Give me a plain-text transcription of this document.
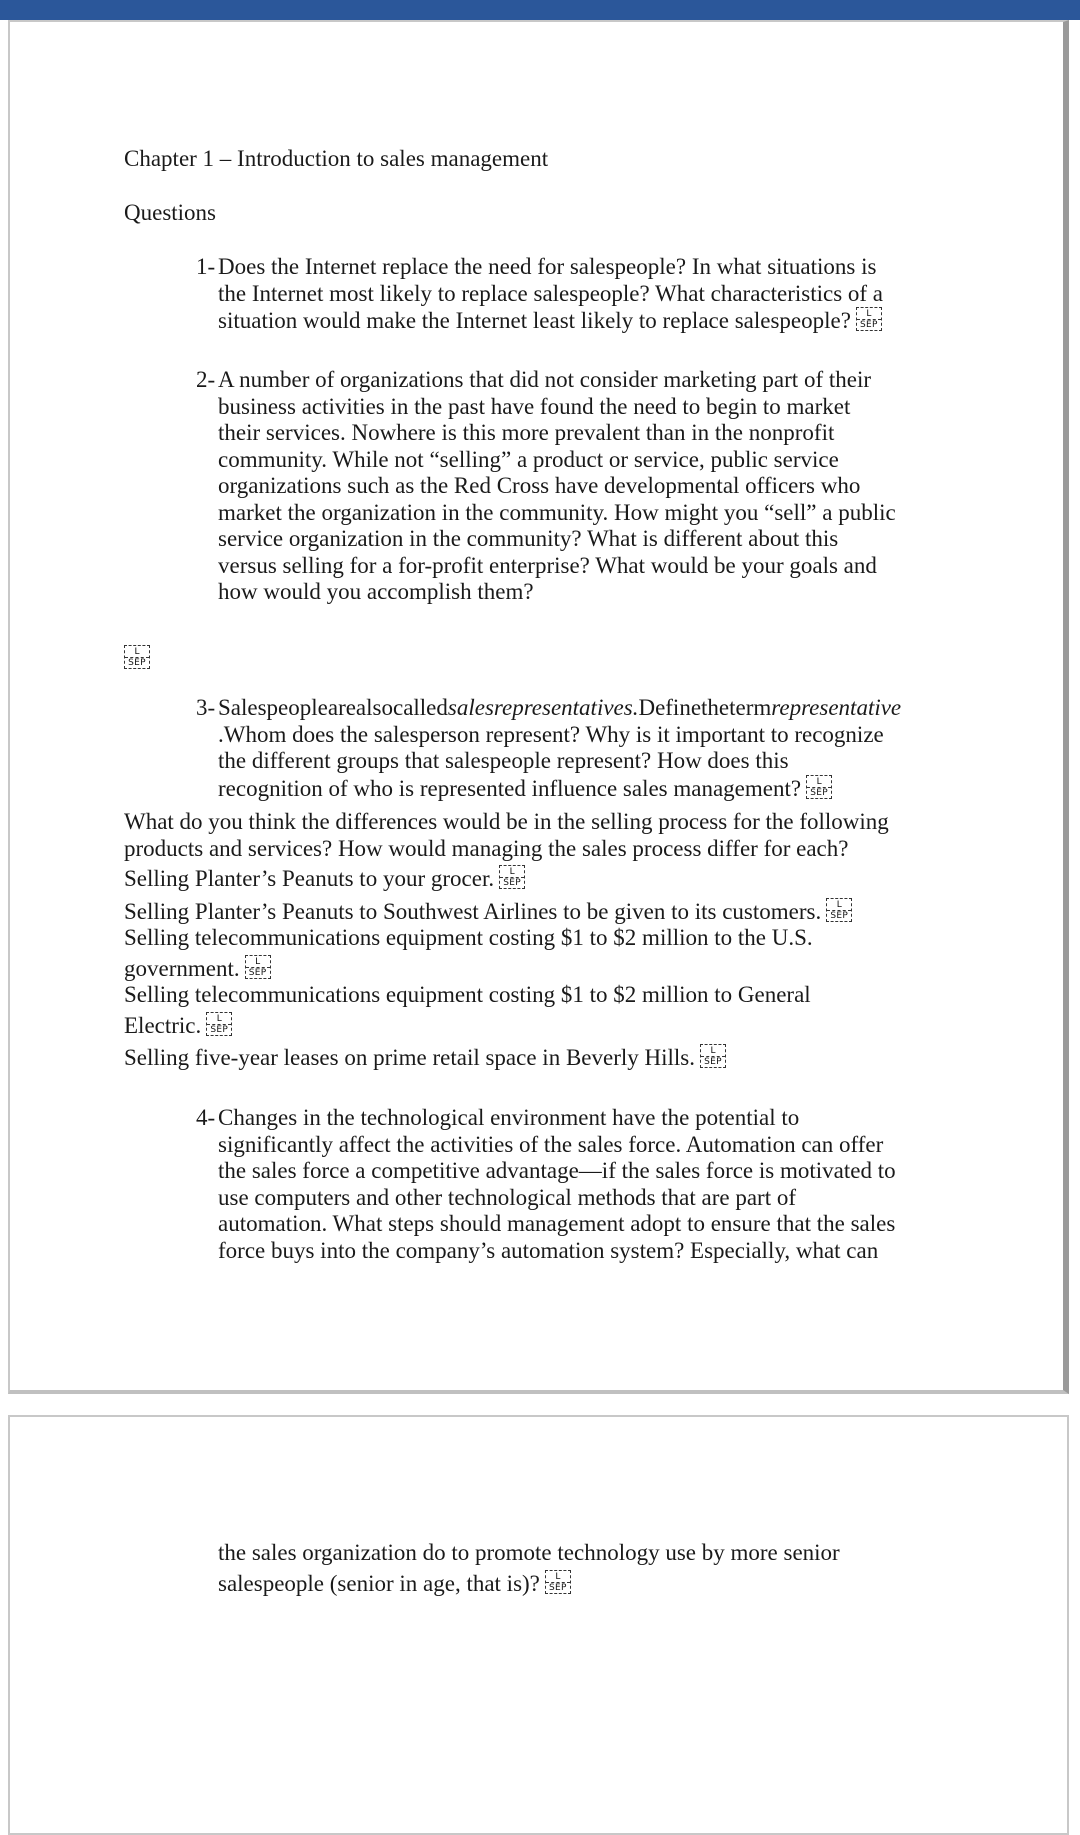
Chapter 1 – Introduction to sales management
Questions
1- Does the Internet replace the need for salespeople? In what situations is
the Internet most likely to replace salespeople? What characteristics of a
situation would make the Internet least likely to replace salespeople?	L
SEP
2- A number of organizations that did not consider marketing part of their
business activities in the past have found the need to begin to market
their services. Nowhere is this more prevalent than in the nonprofit
community. While not “selling” a product or service, public service
organizations such as the Red Cross have developmental officers who
market the organization in the community. How might you “sell” a public
service organization in the community? What is different about this
versus selling for a for-profit enterprise? What would be your goals and
how would you accomplish them?
L
SEP
3- Salespeoplearealsocalledsalesrepresentatives.Definethetermrepresentative
.Whom does the salesperson represent? Why is it important to recognize
the different groups that salespeople represent? How does this
recognition of who is represented influence sales management?	L
SEP
What do you think the differences would be in the selling process for the following
products and services? How would managing the sales process differ for each?
Selling Planter’s Peanuts to your grocer.	L
SEP
Selling Planter’s Peanuts to Southwest Airlines to be given to its customers.	L
SEP
Selling telecommunications equipment costing $1 to $2 million to the U.S.
government.	L
SEP
Selling telecommunications equipment costing $1 to $2 million to General
Electric.	L
SEP
Selling five-year leases on prime retail space in Beverly Hills.	L
SEP
4- Changes in the technological environment have the potential to
significantly affect the activities of the sales force. Automation can offer
the sales force a competitive advantage—if the sales force is motivated to
use computers and other technological methods that are part of
automation. What steps should management adopt to ensure that the sales
force buys into the company’s automation system? Especially, what can
the sales organization do to promote technology use by more senior
salespeople (senior in age, that is)?	L
SEP
